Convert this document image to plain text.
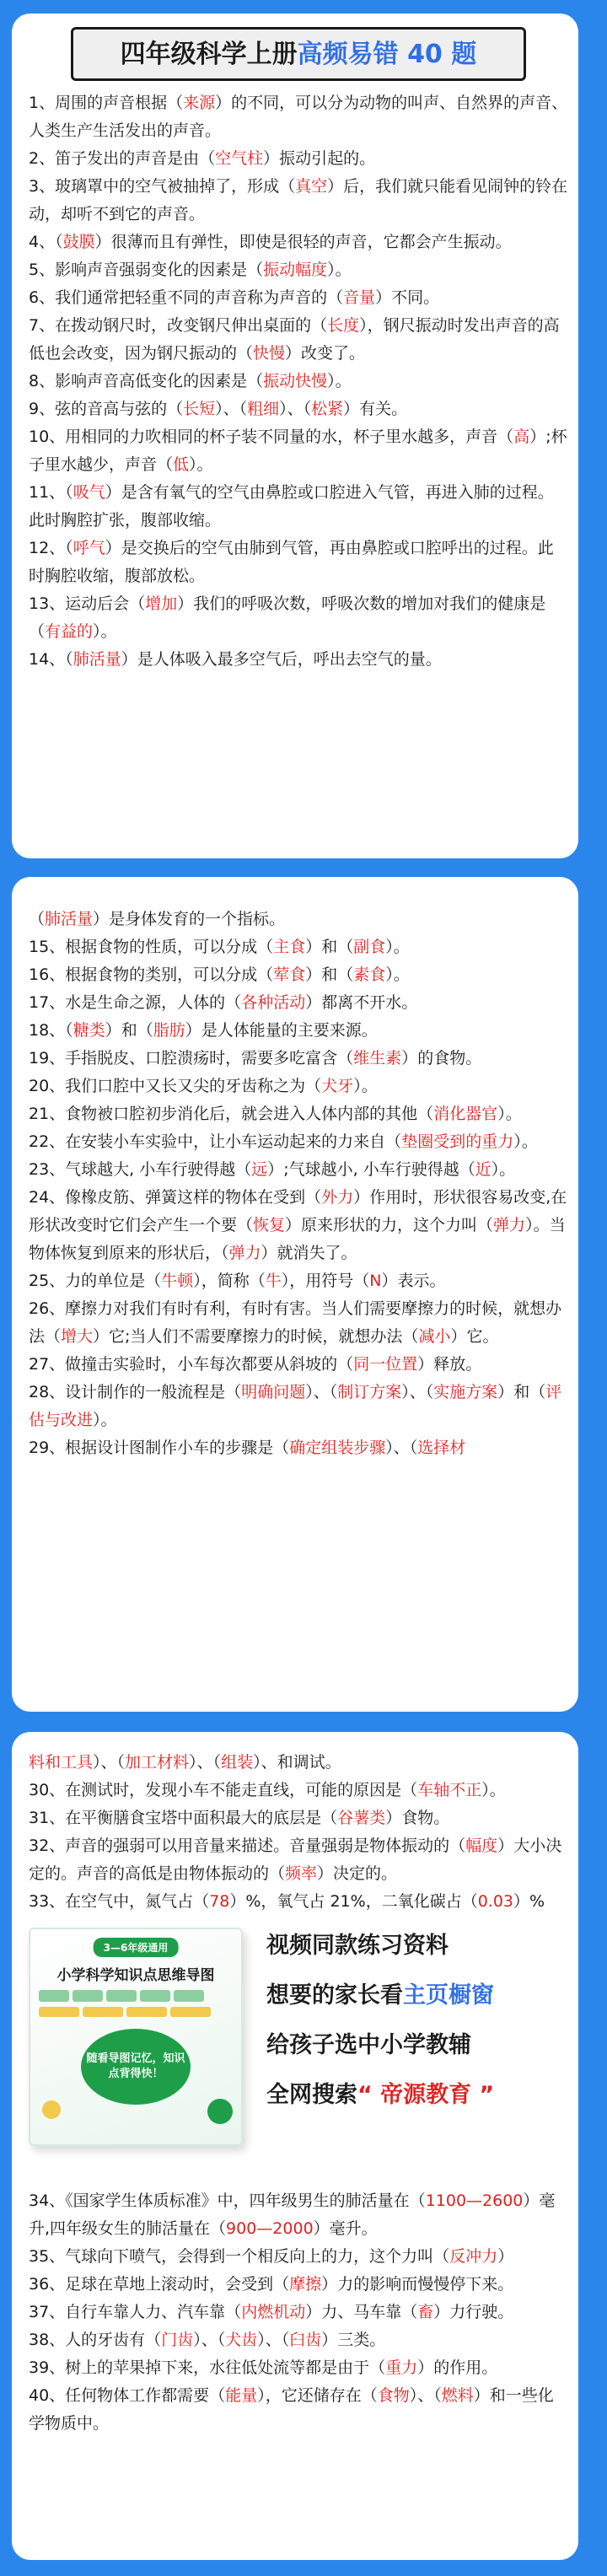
四年级科学上册高频易错 40 题

1、周围的声音根据（来源）的不同，可以分为动物的叫声、自然界的声音、人类生产生活发出的声音。

2、笛子发出的声音是由（空气柱）振动引起的。

3、玻璃罩中的空气被抽掉了，形成（真空）后，我们就只能看见闹钟的铃在动，却听不到它的声音。

4、（鼓膜）很薄而且有弹性，即使是很轻的声音，它都会产生振动。

5、影响声音强弱变化的因素是（振动幅度）。

6、我们通常把轻重不同的声音称为声音的（音量）不同。

7、在拨动钢尺时，改变钢尺伸出桌面的（长度），钢尺振动时发出声音的高低也会改变，因为钢尺振动的（快慢）改变了。

8、影响声音高低变化的因素是（振动快慢）。

9、弦的音高与弦的（长短）、（粗细）、（松紧）有关。

10、用相同的力吹相同的杯子装不同量的水，杯子里水越多，声音（高）;杯子里水越少，声音（低）。

11、（吸气）是含有氧气的空气由鼻腔或口腔进入气管，再进入肺的过程。此时胸腔扩张，腹部收缩。

12、（呼气）是交换后的空气由肺到气管，再由鼻腔或口腔呼出的过程。此时胸腔收缩，腹部放松。

13、运动后会（增加）我们的呼吸次数，呼吸次数的增加对我们的健康是（有益的）。

14、（肺活量）是人体吸入最多空气后，呼出去空气的量。

（肺活量）是身体发育的一个指标。

15、根据食物的性质，可以分成（主食）和（副食）。

16、根据食物的类别，可以分成（荤食）和（素食）。

17、水是生命之源，人体的（各种活动）都离不开水。

18、（糖类）和（脂肪）是人体能量的主要来源。

19、手指脱皮、口腔溃疡时，需要多吃富含（维生素）的食物。

20、我们口腔中又长又尖的牙齿称之为（犬牙）。

21、食物被口腔初步消化后，就会进入人体内部的其他（消化器官）。

22、在安装小车实验中，让小车运动起来的力来自（垫圈受到的重力）。

23、气球越大, 小车行驶得越（远）;气球越小, 小车行驶得越（近）。

24、像橡皮筋、弹簧这样的物体在受到（外力）作用时，形状很容易改变,在形状改变时它们会产生一个要（恢复）原来形状的力，这个力叫（弹力）。当物体恢复到原来的形状后，（弹力）就消失了。

25、力的单位是（牛顿），简称（牛），用符号（N）表示。

26、摩擦力对我们有时有利，有时有害。当人们需要摩擦力的时候，就想办法（增大）它;当人们不需要摩擦力的时候，就想办法（减小）它。

27、做撞击实验时，小车每次都要从斜坡的（同一位置）释放。

28、设计制作的一般流程是（明确问题）、（制订方案）、（实施方案）和（评估与改进）。

29、根据设计图制作小车的步骤是（确定组装步骤）、（选择材

料和工具）、（加工材料）、（组装）、和调试。

30、在测试时，发现小车不能走直线，可能的原因是（车轴不正）。

31、在平衡膳食宝塔中面积最大的底层是（谷薯类）食物。

32、声音的强弱可以用音量来描述。音量强弱是物体振动的（幅度）大小决定的。声音的高低是由物体振动的（频率）决定的。

33、在空气中，氮气占（78）%，氧气占 21%，二氧化碳占（0.03）%

3—6年级通用
小学科学知识点思维导图
随看导图记忆，知识点背得快！
视频同款练习资料
想要的家长看主页橱窗
给孩子选中小学教辅
全网搜索“ 帝源教育 ”

34、《国家学生体质标准》中，四年级男生的肺活量在（1100—2600）毫升,四年级女生的肺活量在（900—2000）毫升。

35、气球向下喷气，会得到一个相反向上的力，这个力叫（反冲力）

36、足球在草地上滚动时，会受到（摩擦）力的影响而慢慢停下来。

37、自行车靠人力、汽车靠（内燃机动）力、马车靠（畜）力行驶。

38、人的牙齿有（门齿）、（犬齿）、（臼齿）三类。

39、树上的苹果掉下来，水往低处流等都是由于（重力）的作用。

40、任何物体工作都需要（能量），它还储存在（食物）、（燃料）和一些化学物质中。
